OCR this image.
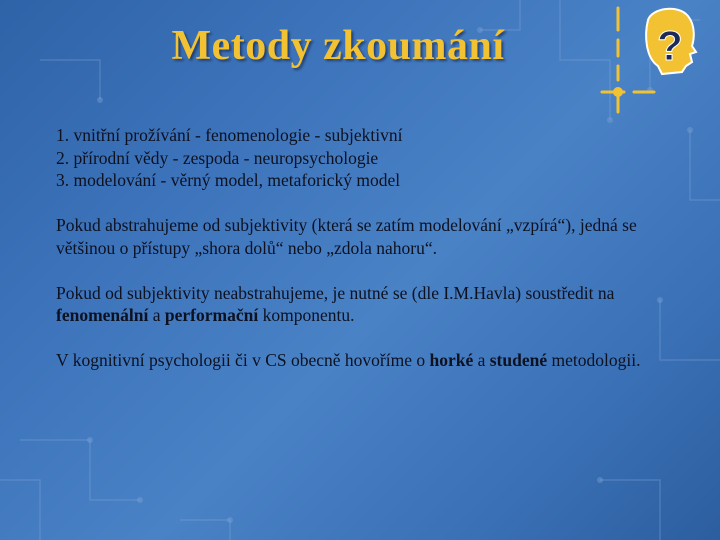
Metody zkoumání	?
1. vnitřní prožívání - fenomenologie - subjektivní
2. přírodní vědy - zespoda - neuropsychologie
3. modelování - věrný model, metaforický model

Pokud abstrahujeme od subjektivity (která se zatím modelování „vzpírá“), jedná se většinou o přístupy „shora dolů“ nebo „zdola nahoru“.

Pokud od subjektivity neabstrahujeme, je nutné se (dle I.M.Havla) soustředit na fenomenální a performační komponentu.

V kognitivní psychologii či v CS obecně hovoříme o horké a studené metodologii.
